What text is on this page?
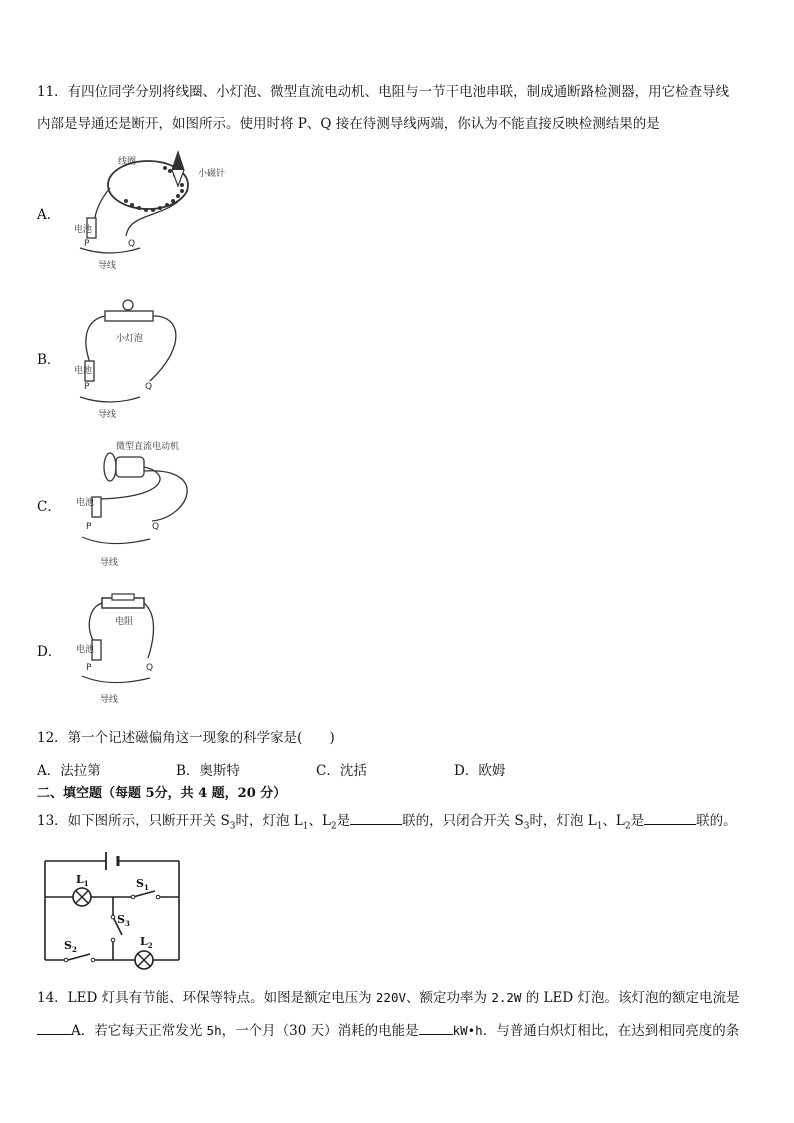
11．有四位同学分别将线圈、小灯泡、微型直流电动机、电阻与一节干电池串联，制成通断路检测器，用它检查导线
内部是导通还是断开，如图所示。使用时将 P、Q 接在待测导线两端，你认为不能直接反映检测结果的是
A．
线圈
小磁针
电池
P	Q
导线
B．
小灯泡
电池
P	Q
导线
C．
微型直流电动机
电池
P	Q
导线
D．
电阻
电池
P	Q
导线
12．第一个记述磁偏角这一现象的科学家是(　　)
A．法拉第	B．奥斯特	C．沈括	D．欧姆
二、填空题（每题 5分，共 4 题，20 分）
13．如下图所示，只断开开关 $S_3$时，灯泡 $L_1$、$L_2$是	联的，只闭合开关 $S_3$时，灯泡 $L_1$、$L_2$是	联的。
$L_1$	$S_1$
$S_3$
$S_2$
$L_2$
14．LED 灯具有节能、环保等特点。如图是额定电压为 220V、额定功率为 2.2W 的 LED 灯泡。该灯泡的额定电流是
A．若它每天正常发光 5h，一个月（30 天）消耗的电能是	kW•h．与普通白炽灯相比，在达到相同亮度的条
